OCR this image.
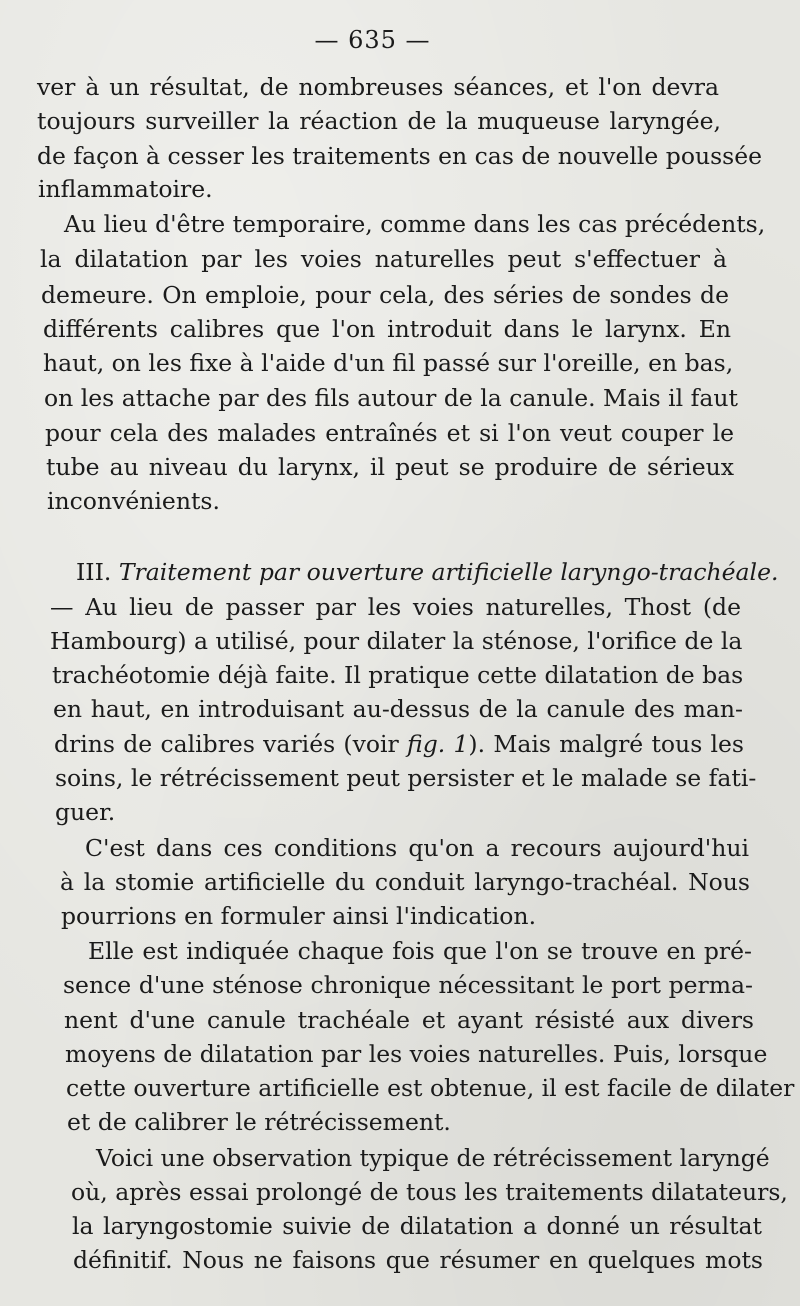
— 635 —
ver à un résultat, de nombreuses séances, et l'on devra
toujours surveiller la réaction de la muqueuse laryngée,
de façon à cesser les traitements en cas de nouvelle poussée
inflammatoire.
Au lieu d'être temporaire, comme dans les cas précédents,
la dilatation par les voies naturelles peut s'effectuer à
demeure. On emploie, pour cela, des séries de sondes de
différents calibres que l'on introduit dans le larynx. En
haut, on les fixe à l'aide d'un fil passé sur l'oreille, en bas,
on les attache par des fils autour de la canule. Mais il faut
pour cela des malades entraînés et si l'on veut couper le
tube au niveau du larynx, il peut se produire de sérieux
inconvénients.
III. Traitement par ouverture artificielle laryngo-trachéale.
— Au lieu de passer par les voies naturelles, Thost (de
Hambourg) a utilisé, pour dilater la sténose, l'orifice de la
trachéotomie déjà faite. Il pratique cette dilatation de bas
en haut, en introduisant au-dessus de la canule des man-
drins de calibres variés (voir fig. 1). Mais malgré tous les
soins, le rétrécissement peut persister et le malade se fati-
guer.
C'est dans ces conditions qu'on a recours aujourd'hui
à la stomie artificielle du conduit laryngo-trachéal. Nous
pourrions en formuler ainsi l'indication.
Elle est indiquée chaque fois que l'on se trouve en pré-
sence d'une sténose chronique nécessitant le port perma-
nent d'une canule trachéale et ayant résisté aux divers
moyens de dilatation par les voies naturelles. Puis, lorsque
cette ouverture artificielle est obtenue, il est facile de dilater
et de calibrer le rétrécissement.
Voici une observation typique de rétrécissement laryngé
où, après essai prolongé de tous les traitements dilatateurs,
la laryngostomie suivie de dilatation a donné un résultat
définitif. Nous ne faisons que résumer en quelques mots
